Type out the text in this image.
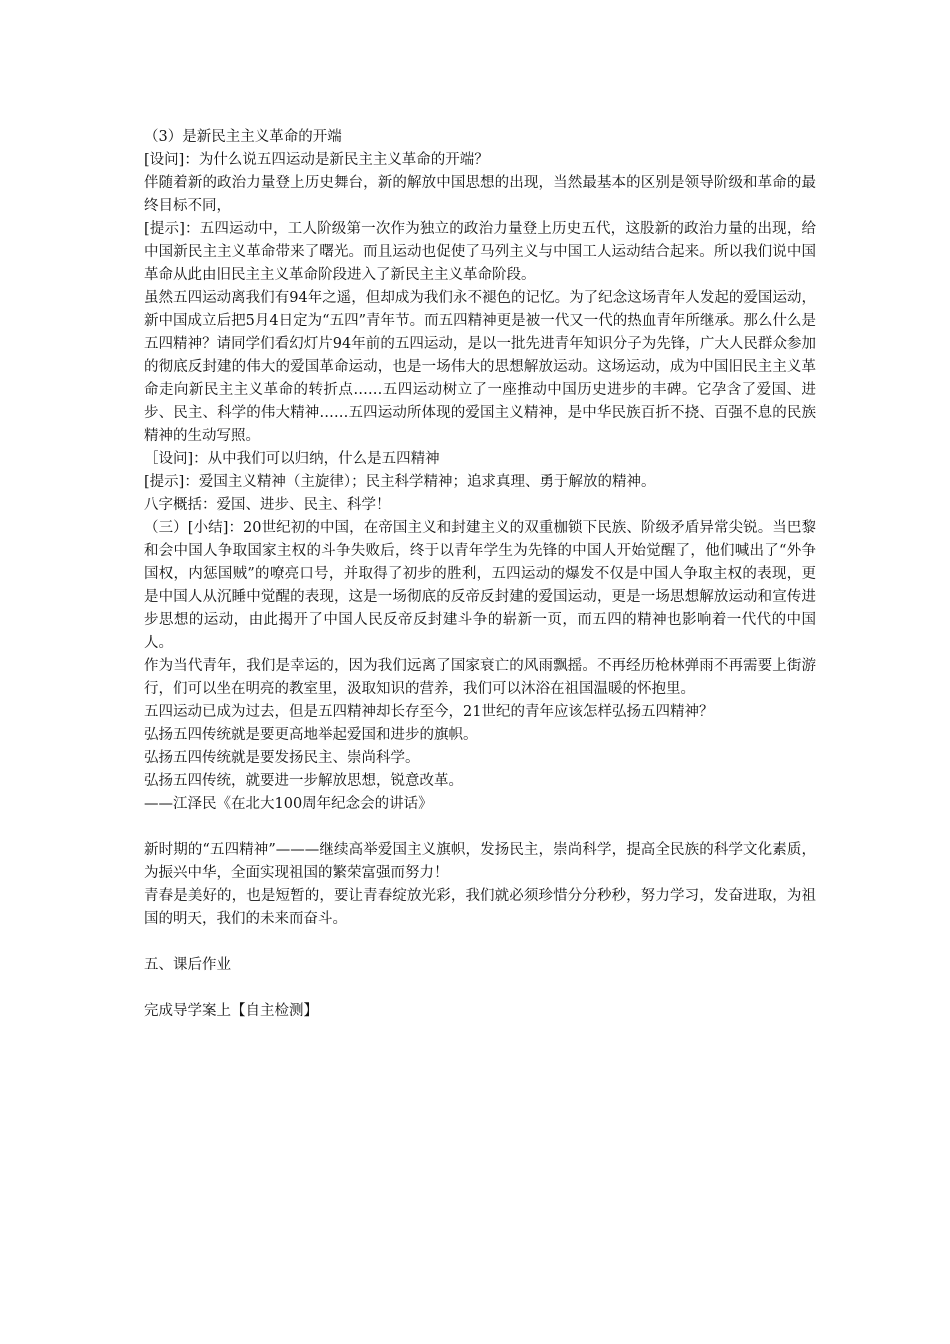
（3）是新民主主义革命的开端

[设问]：为什么说五四运动是新民主主义革命的开端？

伴随着新的政治力量登上历史舞台，新的解放中国思想的出现，当然最基本的区别是领导阶级和革命的最终目标不同，

[提示]：五四运动中，工人阶级第一次作为独立的政治力量登上历史五代，这股新的政治力量的出现，给中国新民主主义革命带来了曙光。而且运动也促使了马列主义与中国工人运动结合起来。所以我们说中国革命从此由旧民主主义革命阶段进入了新民主主义革命阶段。

虽然五四运动离我们有94年之遥，但却成为我们永不褪色的记忆。为了纪念这场青年人发起的爱国运动，新中国成立后把5月4日定为“五四”青年节。而五四精神更是被一代又一代的热血青年所继承。那么什么是五四精神？请同学们看幻灯片94年前的五四运动，是以一批先进青年知识分子为先锋，广大人民群众参加的彻底反封建的伟大的爱国革命运动，也是一场伟大的思想解放运动。这场运动，成为中国旧民主主义革命走向新民主主义革命的转折点……五四运动树立了一座推动中国历史进步的丰碑。它孕含了爱国、进步、民主、科学的伟大精神……五四运动所体现的爱国主义精神，是中华民族百折不挠、百强不息的民族精神的生动写照。

［设问]：从中我们可以归纳，什么是五四精神

[提示]：爱国主义精神（主旋律）；民主科学精神；追求真理、勇于解放的精神。

八字概括：爱国、进步、民主、科学！

（三）[小结]：20世纪初的中国，在帝国主义和封建主义的双重枷锁下民族、阶级矛盾异常尖锐。当巴黎和会中国人争取国家主权的斗争失败后，终于以青年学生为先锋的中国人开始觉醒了，他们喊出了“外争国权，内惩国贼”的嘹亮口号，并取得了初步的胜利，五四运动的爆发不仅是中国人争取主权的表现，更是中国人从沉睡中觉醒的表现，这是一场彻底的反帝反封建的爱国运动，更是一场思想解放运动和宣传进步思想的运动，由此揭开了中国人民反帝反封建斗争的崭新一页，而五四的精神也影响着一代代的中国人。

作为当代青年，我们是幸运的，因为我们远离了国家衰亡的风雨飘摇。不再经历枪林弹雨不再需要上街游行，们可以坐在明亮的教室里，汲取知识的营养，我们可以沐浴在祖国温暖的怀抱里。

五四运动已成为过去，但是五四精神却长存至今，21世纪的青年应该怎样弘扬五四精神？

弘扬五四传统就是要更高地举起爱国和进步的旗帜。

弘扬五四传统就是要发扬民主、崇尚科学。

弘扬五四传统，就要进一步解放思想，锐意改革。

——江泽民《在北大100周年纪念会的讲话》

新时期的“五四精神”———继续高举爱国主义旗帜，发扬民主，崇尚科学，提高全民族的科学文化素质，为振兴中华，全面实现祖国的繁荣富强而努力！

青春是美好的，也是短暂的，要让青春绽放光彩，我们就必须珍惜分分秒秒，努力学习，发奋进取，为祖国的明天，我们的未来而奋斗。

五、课后作业

完成导学案上【自主检测】
